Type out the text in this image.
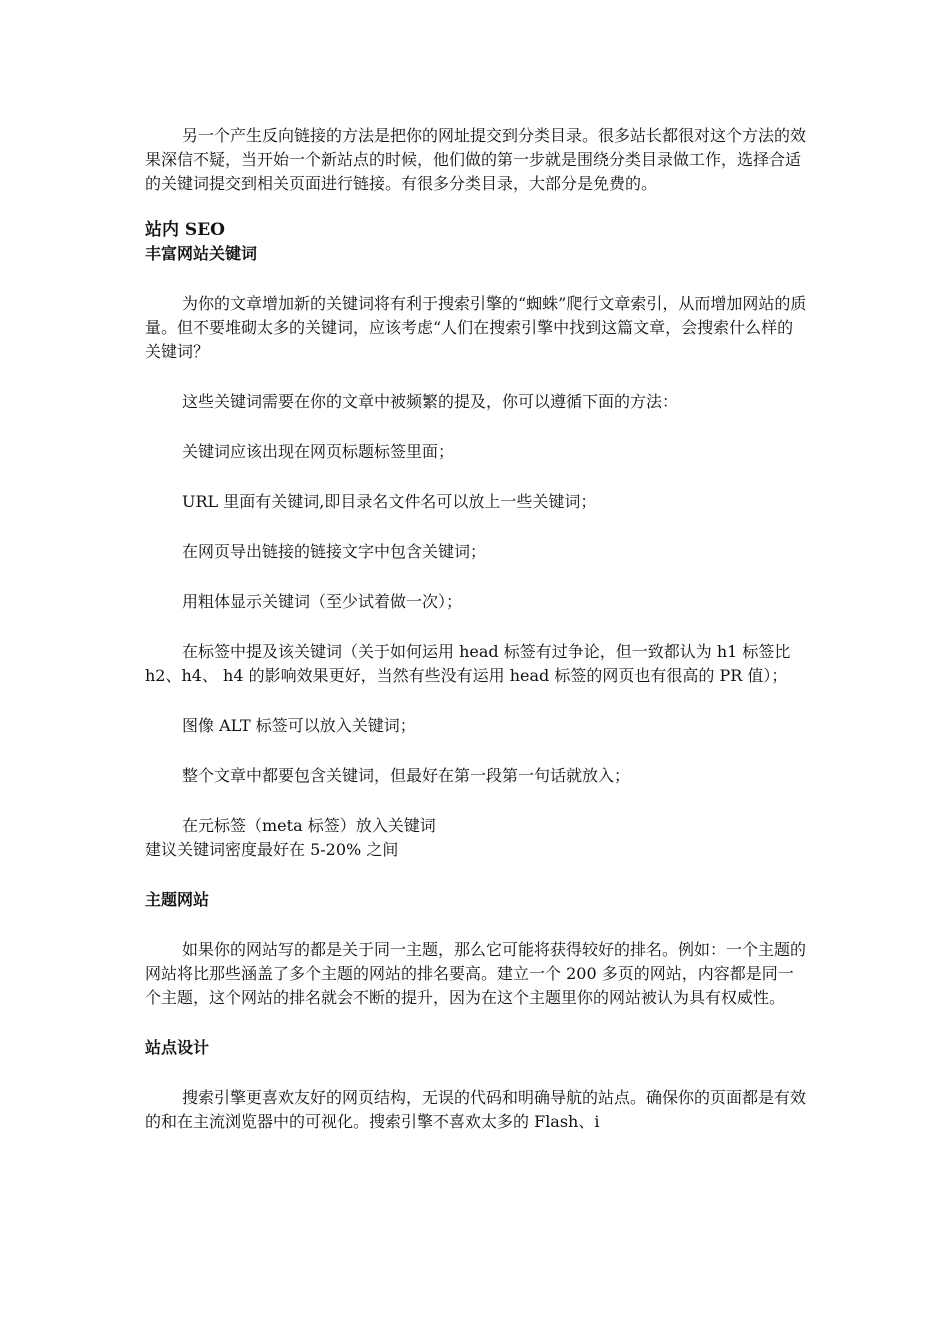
另一个产生反向链接的方法是把你的网址提交到分类目录。很多站长都很对这个方法的效果深信不疑，当开始一个新站点的时候，他们做的第一步就是围绕分类目录做工作，选择合适的关键词提交到相关页面进行链接。有很多分类目录，大部分是免费的。

站内 SEO

丰富网站关键词

为你的文章增加新的关键词将有利于搜索引擎的“蜘蛛”爬行文章索引，从而增加网站的质量。但不要堆砌太多的关键词，应该考虑“人们在搜索引擎中找到这篇文章，会搜索什么样的关键词？

这些关键词需要在你的文章中被频繁的提及，你可以遵循下面的方法：

关键词应该出现在网页标题标签里面；

URL 里面有关键词,即目录名文件名可以放上一些关键词；

在网页导出链接的链接文字中包含关键词；

用粗体显示关键词（至少试着做一次）；

在标签中提及该关键词（关于如何运用 head 标签有过争论，但一致都认为 h1 标签比 h2、h4、 h4 的影响效果更好，当然有些没有运用 head 标签的网页也有很高的 PR 值）；

图像 ALT 标签可以放入关键词；

整个文章中都要包含关键词，但最好在第一段第一句话就放入；

在元标签（meta 标签）放入关键词

建议关键词密度最好在 5-20% 之间

主题网站

如果你的网站写的都是关于同一主题，那么它可能将获得较好的排名。例如：一个主题的网站将比那些涵盖了多个主题的网站的排名要高。建立一个 200 多页的网站，内容都是同一个主题，这个网站的排名就会不断的提升，因为在这个主题里你的网站被认为具有权威性。

站点设计

搜索引擎更喜欢友好的网页结构，无误的代码和明确导航的站点。确保你的页面都是有效的和在主流浏览器中的可视化。搜索引擎不喜欢太多的 Flash、i
